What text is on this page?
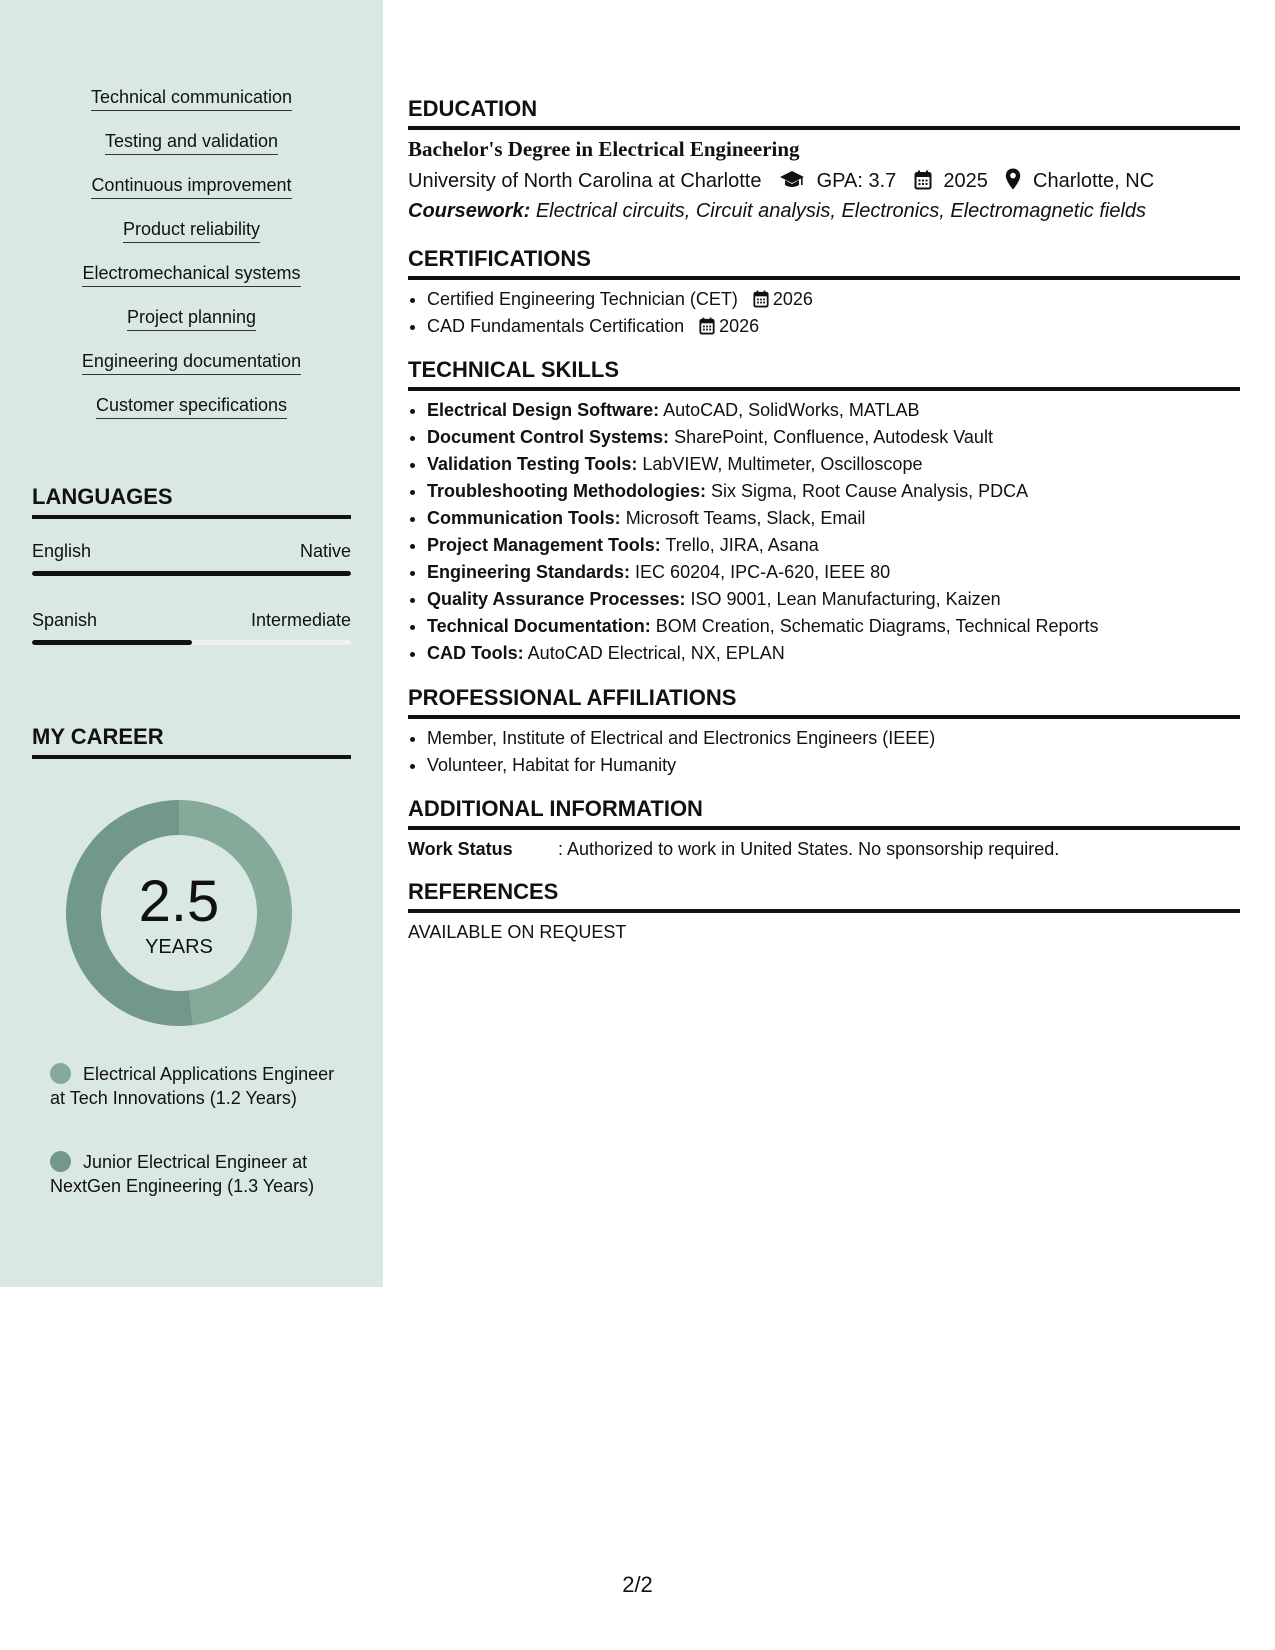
Technical communication
Testing and validation
Continuous improvement
Product reliability
Electromechanical systems
Project planning
Engineering documentation
Customer specifications
LANGUAGES
English	Native
Spanish	Intermediate
MY CAREER
2.5
YEARS
Electrical Applications Engineer at Tech Innovations (1.2 Years)
Junior Electrical Engineer at NextGen Engineering (1.3 Years)
EDUCATION
Bachelor's Degree in Electrical Engineering
University of North Carolina at Charlotte	GPA: 3.7 2025 Charlotte, NC
Coursework: Electrical circuits, Circuit analysis, Electronics, Electromagnetic fields
CERTIFICATIONS
• Certified Engineering Technician (CET) 2026
• CAD Fundamentals Certification 2026
TECHNICAL SKILLS
• Electrical Design Software: AutoCAD, SolidWorks, MATLAB
• Document Control Systems: SharePoint, Confluence, Autodesk Vault
• Validation Testing Tools: LabVIEW, Multimeter, Oscilloscope
• Troubleshooting Methodologies: Six Sigma, Root Cause Analysis, PDCA
• Communication Tools: Microsoft Teams, Slack, Email
• Project Management Tools: Trello, JIRA, Asana
• Engineering Standards: IEC 60204, IPC-A-620, IEEE 80
• Quality Assurance Processes: ISO 9001, Lean Manufacturing, Kaizen
• Technical Documentation: BOM Creation, Schematic Diagrams, Technical Reports
• CAD Tools: AutoCAD Electrical, NX, EPLAN
PROFESSIONAL AFFILIATIONS
• Member, Institute of Electrical and Electronics Engineers (IEEE)
• Volunteer, Habitat for Humanity
ADDITIONAL INFORMATION
Work Status	: Authorized to work in United States. No sponsorship required.
REFERENCES
AVAILABLE ON REQUEST
2/2
